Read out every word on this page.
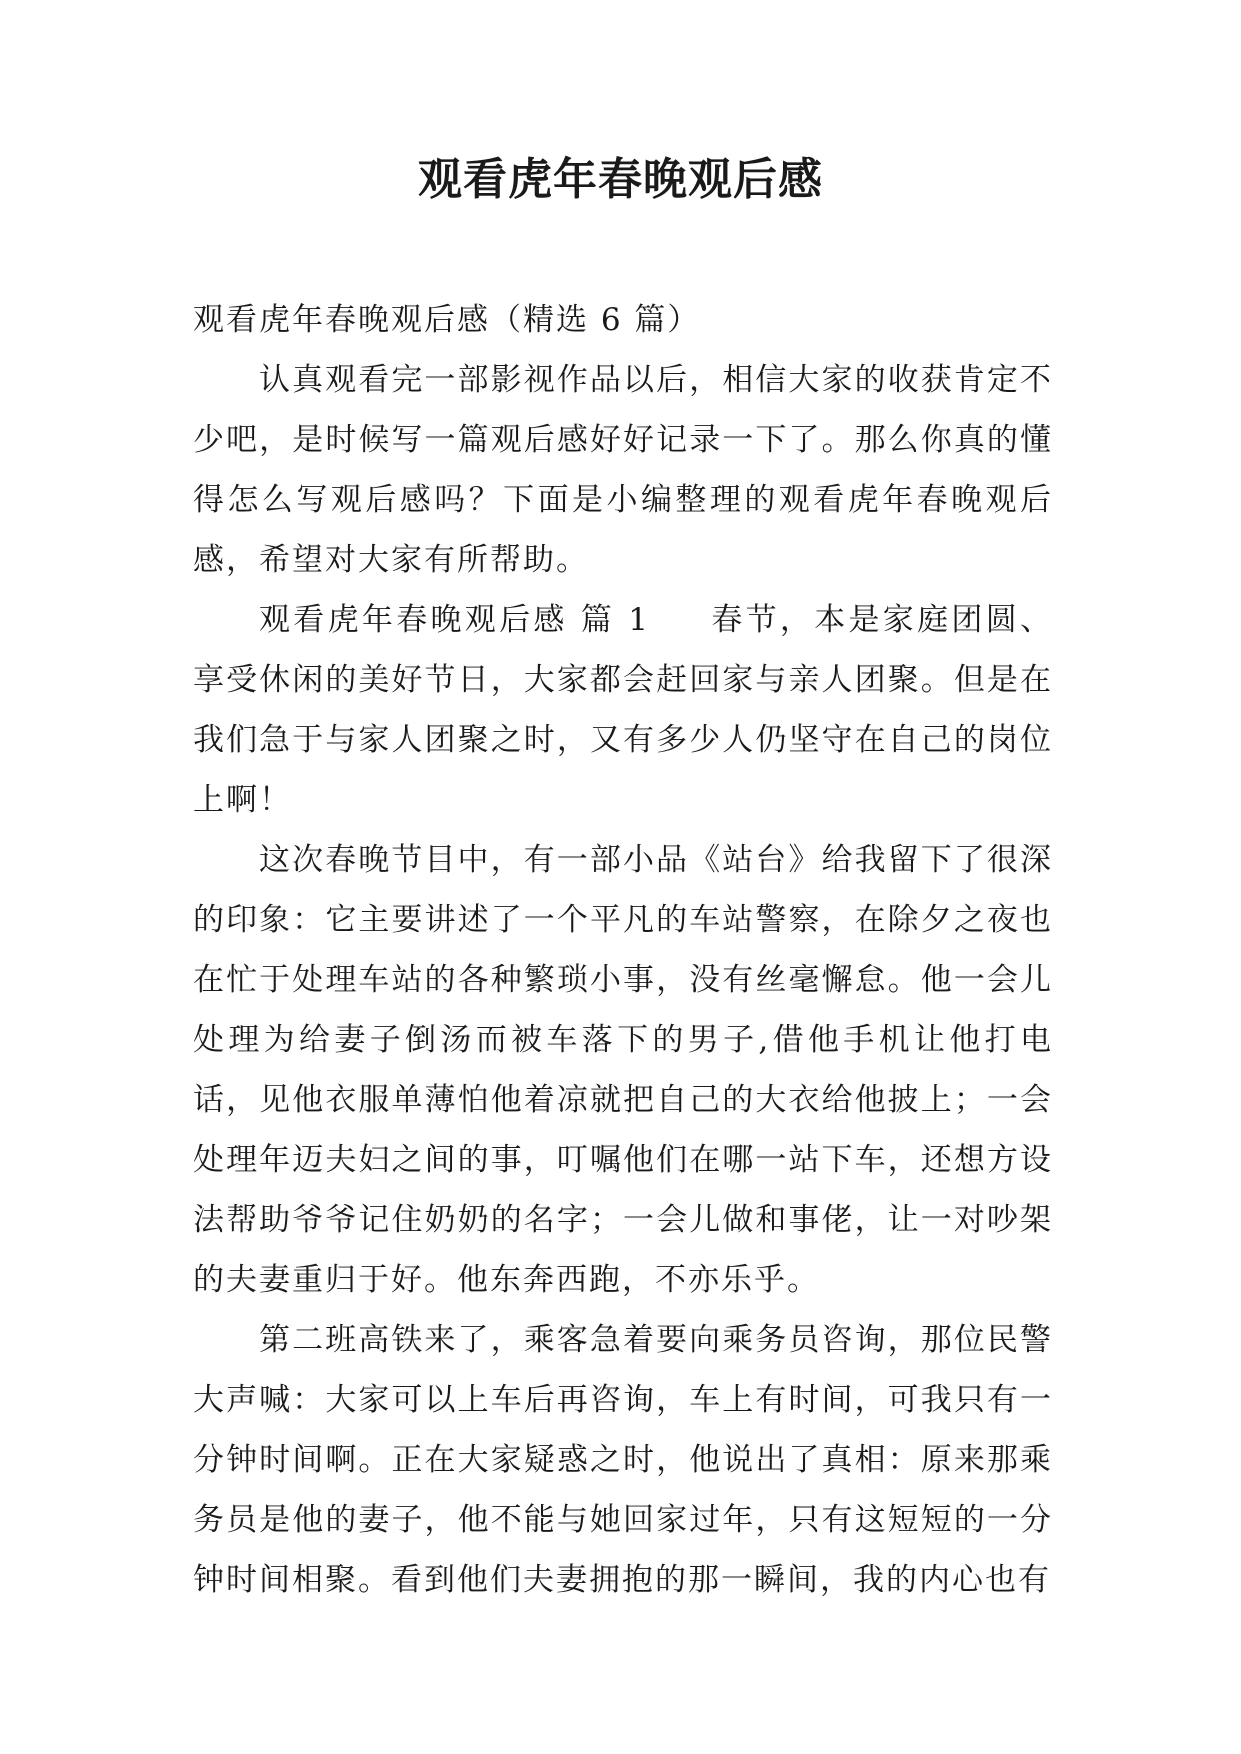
观看虎年春晚观后感

观看虎年春晚观后感（精选 6 篇）

认真观看完一部影视作品以后，相信大家的收获肯定不少吧，是时候写一篇观后感好好记录一下了。那么你真的懂得怎么写观后感吗？下面是小编整理的观看虎年春晚观后感，希望对大家有所帮助。

观看虎年春晚观后感 篇 1 春节，本是家庭团圆、享受休闲的美好节日，大家都会赶回家与亲人团聚。但是在我们急于与家人团聚之时，又有多少人仍坚守在自己的岗位上啊！

这次春晚节目中，有一部小品《站台》给我留下了很深的印象：它主要讲述了一个平凡的车站警察，在除夕之夜也在忙于处理车站的各种繁琐小事，没有丝毫懈怠。他一会儿处理为给妻子倒汤而被车落下的男子,借他手机让他打电话，见他衣服单薄怕他着凉就把自己的大衣给他披上；一会处理年迈夫妇之间的事，叮嘱他们在哪一站下车，还想方设法帮助爷爷记住奶奶的名字；一会儿做和事佬，让一对吵架的夫妻重归于好。他东奔西跑，不亦乐乎。

第二班高铁来了，乘客急着要向乘务员咨询，那位民警大声喊：大家可以上车后再咨询，车上有时间，可我只有一分钟时间啊。正在大家疑惑之时，他说出了真相：原来那乘务员是他的妻子，他不能与她回家过年，只有这短短的一分钟时间相聚。看到他们夫妻拥抱的那一瞬间，我的内心也有
